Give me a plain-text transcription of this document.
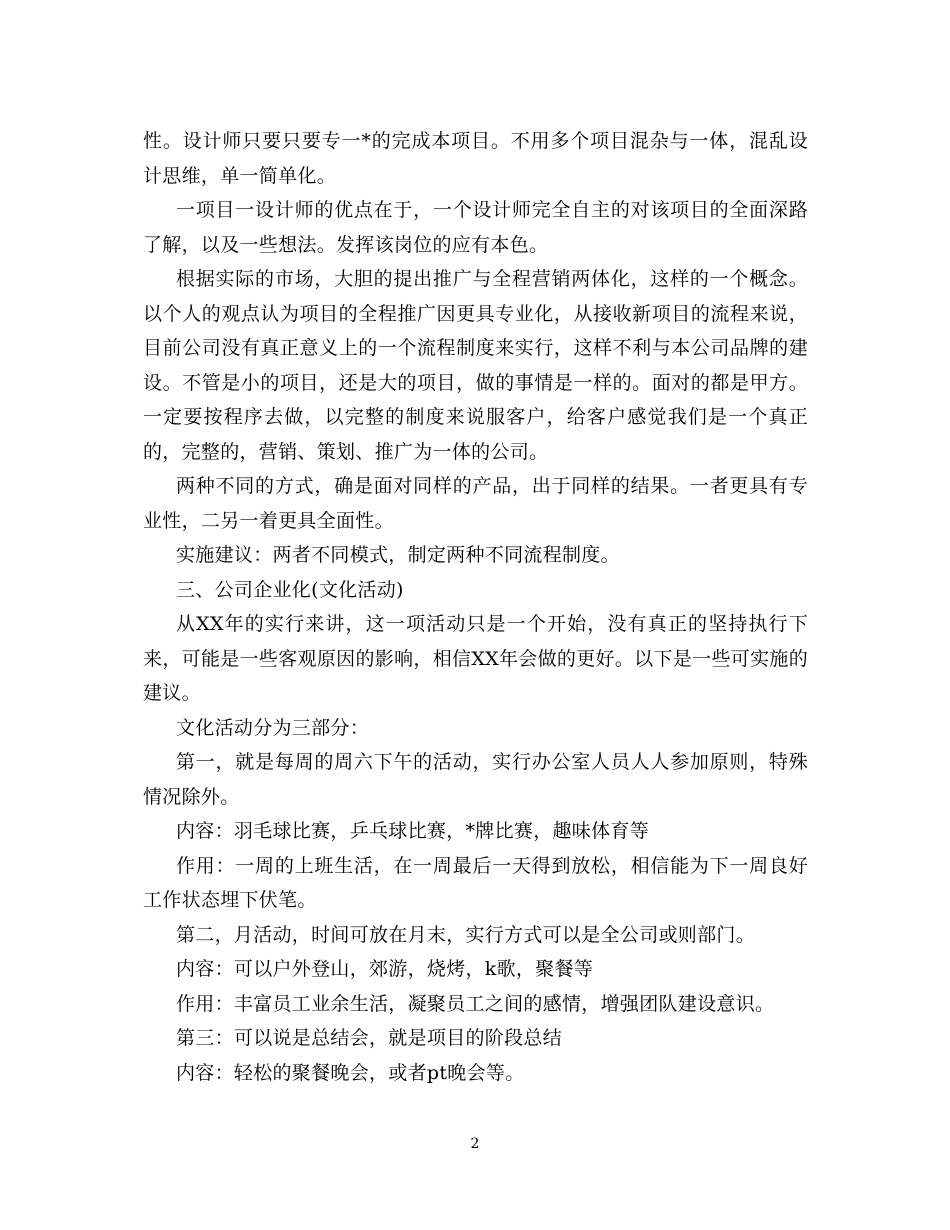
性。设计师只要只要专一*的完成本项目。不用多个项目混杂与一体，混乱设计思维，单一简单化。

一项目一设计师的优点在于，一个设计师完全自主的对该项目的全面深路了解，以及一些想法。发挥该岗位的应有本色。

根据实际的市场，大胆的提出推广与全程营销两体化，这样的一个概念。以个人的观点认为项目的全程推广因更具专业化，从接收新项目的流程来说，目前公司没有真正意义上的一个流程制度来实行，这样不利与本公司品牌的建设。不管是小的项目，还是大的项目，做的事情是一样的。面对的都是甲方。一定要按程序去做，以完整的制度来说服客户，给客户感觉我们是一个真正的，完整的，营销、策划、推广为一体的公司。

两种不同的方式，确是面对同样的产品，出于同样的结果。一者更具有专业性，二另一着更具全面性。

实施建议：两者不同模式，制定两种不同流程制度。

三、公司企业化(文化活动)

从XX年的实行来讲，这一项活动只是一个开始，没有真正的坚持执行下来，可能是一些客观原因的影响，相信XX年会做的更好。以下是一些可实施的建议。

文化活动分为三部分：

第一，就是每周的周六下午的活动，实行办公室人员人人参加原则，特殊情况除外。

内容：羽毛球比赛，乒乓球比赛，*牌比赛，趣味体育等

作用：一周的上班生活，在一周最后一天得到放松，相信能为下一周良好工作状态埋下伏笔。

第二，月活动，时间可放在月末，实行方式可以是全公司或则部门。

内容：可以户外登山，郊游，烧烤，k歌，聚餐等

作用：丰富员工业余生活，凝聚员工之间的感情，增强团队建设意识。

第三：可以说是总结会，就是项目的阶段总结

内容：轻松的聚餐晚会，或者pt晚会等。

2
